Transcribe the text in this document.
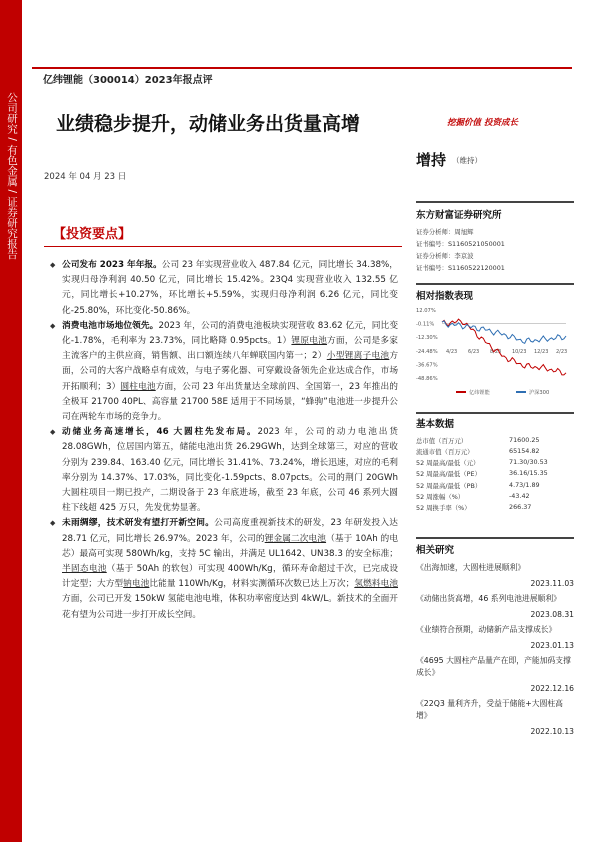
公司研究 / 有色金属 / 证券研究报告
亿纬锂能（300014）2023年报点评
业绩稳步提升，动储业务出货量高增
2024 年 04 月 23 日
挖掘价值 投资成长
增持 （维持）
【投资要点】

◆ 公司发布 2023 年年报。公司 23 年实现营业收入 487.84 亿元，同比增长 34.38%，实现归母净利润 40.50 亿元，同比增长 15.42%。23Q4 实现营业收入 132.55 亿元，同比增长+10.27%，环比增长+5.59%，实现归母净利润 6.26 亿元，同比变化-25.80%，环比变化-50.86%。

◆ 消费电池市场地位领先。2023 年，公司的消费电池板块实现营收 83.62 亿元，同比变化-1.78%，毛利率为 23.73%，同比略降 0.95pcts。1）锂原电池方面，公司是多家主流客户的主供应商，销售额、出口额连续八年蝉联国内第一；2）小型锂离子电池方面，公司的大客户战略卓有成效，与电子雾化器、可穿戴设备领先企业达成合作，市场开拓顺利；3）圆柱电池方面，公司 23 年出货量达全球前四、全国第一，23 年推出的全极耳 21700 40PL、高容量 21700 58E 适用于不同场景，“蜂驹”电池进一步提升公司在两轮车市场的竞争力。

◆ 动储业务高速增长，46 大圆柱先发布局。2023 年，公司的动力电池出货 28.08GWh，位居国内第五，储能电池出货 26.29GWh，达到全球第三，对应的营收分别为 239.84、163.40 亿元，同比增长 31.41%、73.24%，增长迅速，对应的毛利率分别为 14.37%、17.03%，同比变化-1.59pcts、8.07pcts。公司的荆门 20GWh 大圆柱项目一期已投产，二期设备于 23 年底进场，截至 23 年底，公司 46 系列大圆柱下线超 425 万只，先发优势显著。

◆ 未雨绸缪，技术研发有望打开新空间。公司高度重视新技术的研发，23 年研发投入达 28.71 亿元，同比增长 26.97%。2023 年，公司的锂金属二次电池（基于 10Ah 的电芯）最高可实现 580Wh/kg，支持 5C 输出，并满足 UL1642、UN38.3 的安全标准；半固态电池（基于 50Ah 的软包）可实现 400Wh/Kg，循环寿命超过千次，已完成设计定型；大方型钠电池比能量 110Wh/Kg，材料实测循环次数已达上万次；氢燃料电池方面，公司已开发 150kW 氢能电池电堆，体积功率密度达到 4kW/L。新技术的全面开花有望为公司进一步打开成长空间。

东方财富证券研究所
证券分析师：周旭辉
证书编号：S1160521050001
证券分析师：李京波
证书编号：S1160522120001
相对指数表现
12.07%
-0.11%
-12.30%
-24.48%
-36.67%
-48.86%
4/23 6/23 8/23 10/23 12/23 2/23
亿纬锂能	沪深300
基本数据
总市值（百万元）	71600.25
流通市值（百万元）	65154.82
52 周最高/最低（元）	71.30/30.53
52 周最高/最低（PE）	36.16/15.35
52 周最高/最低（PB）	4.73/1.89
52 周涨幅（%）	-43.42
52 周换手率（%）	266.37
相关研究
《出海加速，大圆柱进展顺利》
2023.11.03
《动储出货高增，46 系列电池进展顺利》
2023.08.31
《业绩符合预期，动储新产品支撑成长》
2023.01.13
《4695 大圆柱产品量产在即，产能加码支撑成长》
2022.12.16
《22Q3 量利齐升，受益于储能+大圆柱高增》
2022.10.13
